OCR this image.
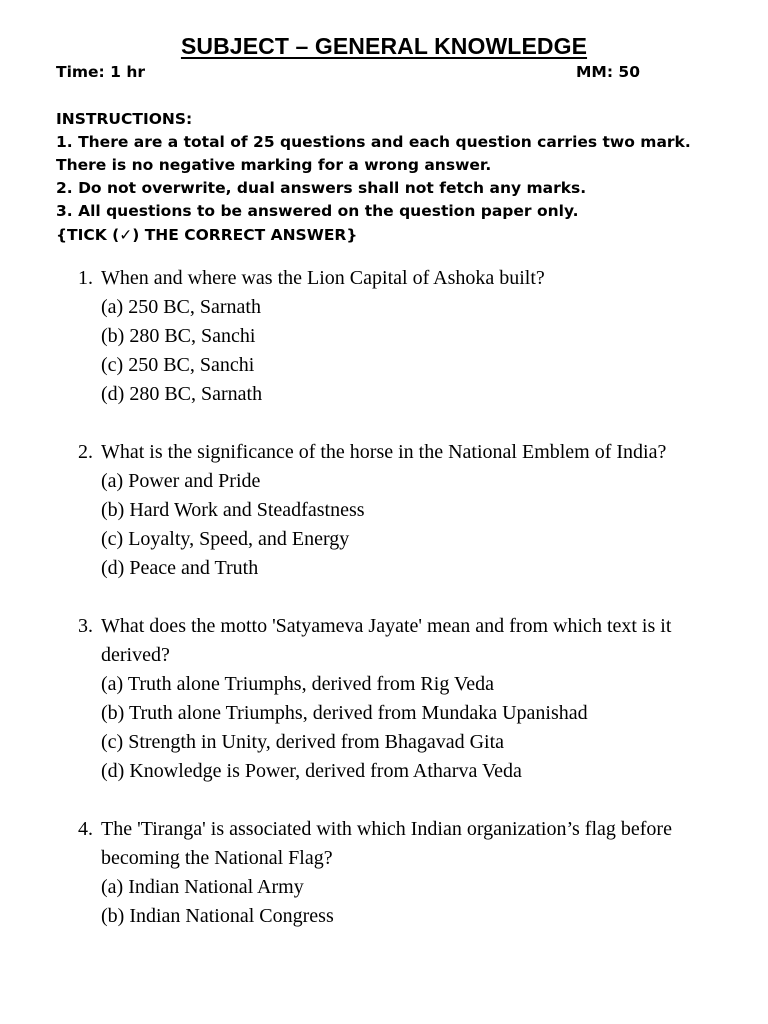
SUBJECT – GENERAL KNOWLEDGE
Time: 1 hr	MM: 50
INSTRUCTIONS:
1. There are a total of 25 questions and each question carries two mark. There is no negative marking for a wrong answer.
2. Do not overwrite, dual answers shall not fetch any marks.
3. All questions to be answered on the question paper only.
{TICK (✓) THE CORRECT ANSWER}
1. When and where was the Lion Capital of Ashoka built?
(a) 250 BC, Sarnath
(b) 280 BC, Sanchi
(c) 250 BC, Sanchi
(d) 280 BC, Sarnath
2. What is the significance of the horse in the National Emblem of India?
(a) Power and Pride
(b) Hard Work and Steadfastness
(c) Loyalty, Speed, and Energy
(d) Peace and Truth
3. What does the motto 'Satyameva Jayate' mean and from which text is it derived?
(a) Truth alone Triumphs, derived from Rig Veda
(b) Truth alone Triumphs, derived from Mundaka Upanishad
(c) Strength in Unity, derived from Bhagavad Gita
(d) Knowledge is Power, derived from Atharva Veda
4. The 'Tiranga' is associated with which Indian organization’s flag before becoming the National Flag?
(a) Indian National Army
(b) Indian National Congress
